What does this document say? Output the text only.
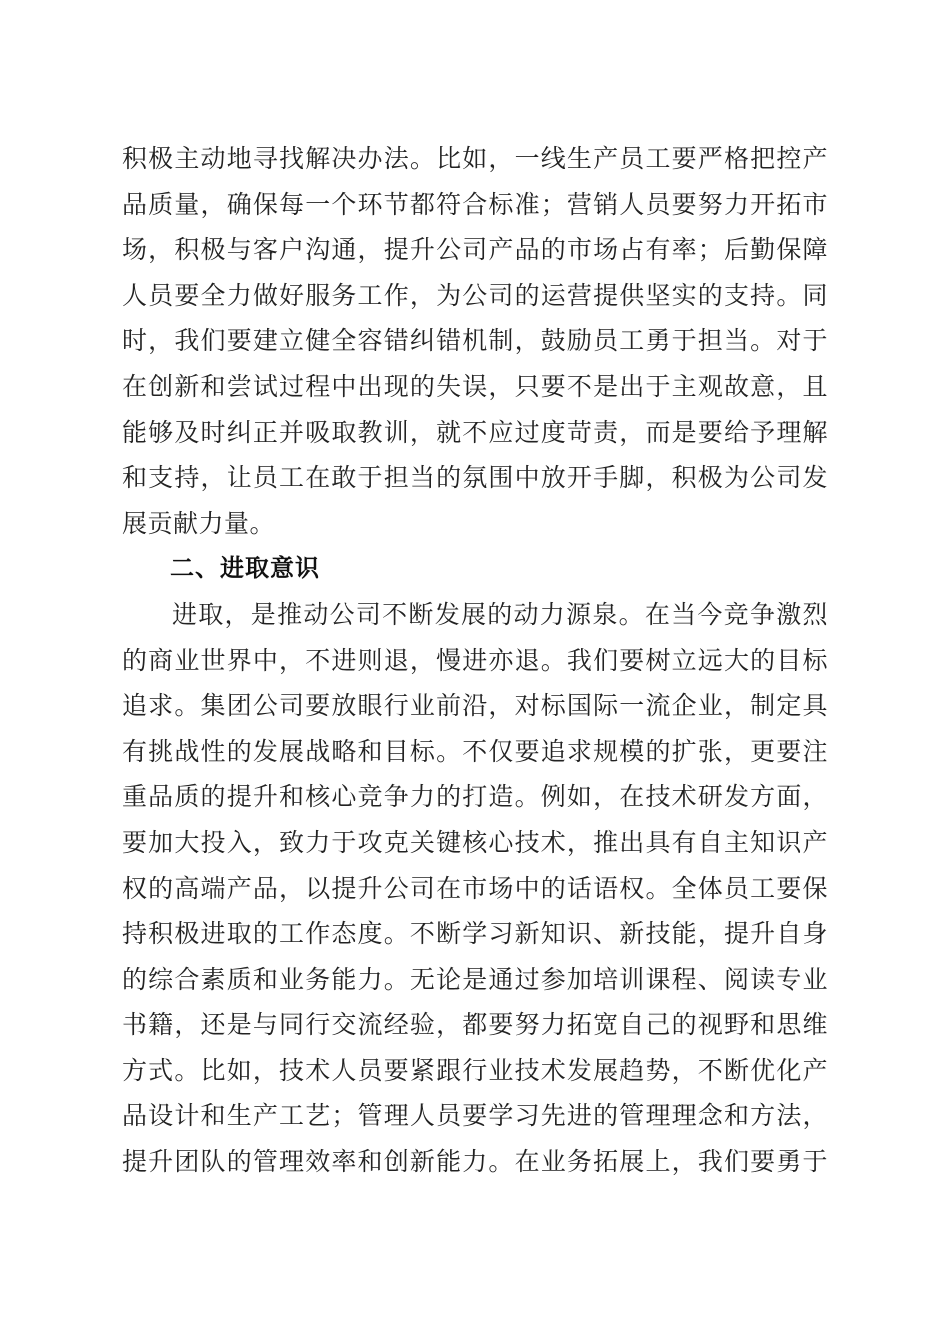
积极主动地寻找解决办法。比如，一线生产员工要严格把控产
品质量，确保每一个环节都符合标准；营销人员要努力开拓市
场，积极与客户沟通，提升公司产品的市场占有率；后勤保障
人员要全力做好服务工作，为公司的运营提供坚实的支持。同
时，我们要建立健全容错纠错机制，鼓励员工勇于担当。对于
在创新和尝试过程中出现的失误，只要不是出于主观故意，且
能够及时纠正并吸取教训，就不应过度苛责，而是要给予理解
和支持，让员工在敢于担当的氛围中放开手脚，积极为公司发
展贡献力量。
二、进取意识
进取，是推动公司不断发展的动力源泉。在当今竞争激烈
的商业世界中，不进则退，慢进亦退。我们要树立远大的目标
追求。集团公司要放眼行业前沿，对标国际一流企业，制定具
有挑战性的发展战略和目标。不仅要追求规模的扩张，更要注
重品质的提升和核心竞争力的打造。例如，在技术研发方面，
要加大投入，致力于攻克关键核心技术，推出具有自主知识产
权的高端产品，以提升公司在市场中的话语权。全体员工要保
持积极进取的工作态度。不断学习新知识、新技能，提升自身
的综合素质和业务能力。无论是通过参加培训课程、阅读专业
书籍，还是与同行交流经验，都要努力拓宽自己的视野和思维
方式。比如，技术人员要紧跟行业技术发展趋势，不断优化产
品设计和生产工艺；管理人员要学习先进的管理理念和方法，
提升团队的管理效率和创新能力。在业务拓展上，我们要勇于
